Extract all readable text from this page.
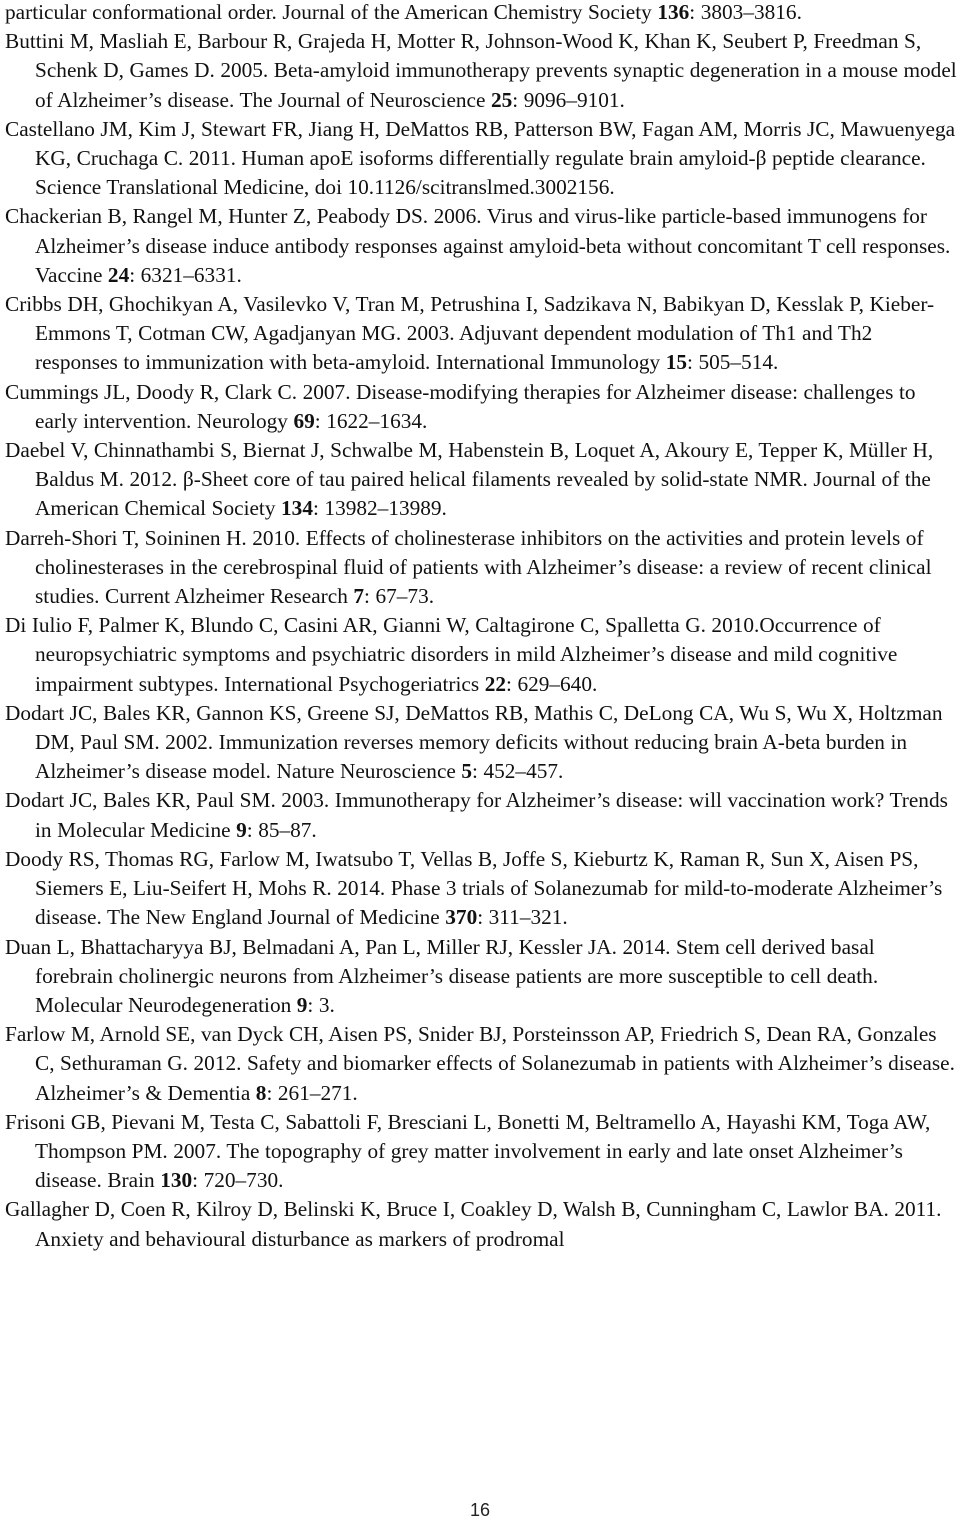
particular conformational order. Journal of the American Chemistry Society 136: 3803–3816.

Buttini M, Masliah E, Barbour R, Grajeda H, Motter R, Johnson-Wood K, Khan K, Seubert P, Freedman S, Schenk D, Games D. 2005. Beta-amyloid immunotherapy prevents synaptic degeneration in a mouse model of Alzheimer’s disease. The Journal of Neuroscience 25: 9096–9101.

Castellano JM, Kim J, Stewart FR, Jiang H, DeMattos RB, Patterson BW, Fagan AM, Morris JC, Mawuenyega KG, Cruchaga C. 2011. Human apoE isoforms differentially regulate brain amyloid-β peptide clearance. Science Translational Medicine, doi 10.1126/scitranslmed.3002156.

Chackerian B, Rangel M, Hunter Z, Peabody DS. 2006. Virus and virus-like particle-based immunogens for Alzheimer’s disease induce antibody responses against amyloid-beta without concomitant T cell responses. Vaccine 24: 6321–6331.

Cribbs DH, Ghochikyan A, Vasilevko V, Tran M, Petrushina I, Sadzikava N, Babikyan D, Kesslak P, Kieber-Emmons T, Cotman CW, Agadjanyan MG. 2003. Adjuvant dependent modulation of Th1 and Th2 responses to immunization with beta-amyloid. International Immunology 15: 505–514.

Cummings JL, Doody R, Clark C. 2007. Disease-modifying therapies for Alzheimer disease: challenges to early intervention. Neurology 69: 1622–1634.

Daebel V, Chinnathambi S, Biernat J, Schwalbe M, Habenstein B, Loquet A, Akoury E, Tepper K, Müller H, Baldus M. 2012. β-Sheet core of tau paired helical filaments revealed by solid-state NMR. Journal of the American Chemical Society 134: 13982–13989.

Darreh-Shori T, Soininen H. 2010. Effects of cholinesterase inhibitors on the activities and protein levels of cholinesterases in the cerebrospinal fluid of patients with Alzheimer’s disease: a review of recent clinical studies. Current Alzheimer Research 7: 67–73.

Di Iulio F, Palmer K, Blundo C, Casini AR, Gianni W, Caltagirone C, Spalletta G. 2010.Occurrence of neuropsychiatric symptoms and psychiatric disorders in mild Alzheimer’s disease and mild cognitive impairment subtypes. International Psychogeriatrics 22: 629–640.

Dodart JC, Bales KR, Gannon KS, Greene SJ, DeMattos RB, Mathis C, DeLong CA, Wu S, Wu X, Holtzman DM, Paul SM. 2002. Immunization reverses memory deficits without reducing brain A-beta burden in Alzheimer’s disease model. Nature Neuroscience 5: 452–457.

Dodart JC, Bales KR, Paul SM. 2003. Immunotherapy for Alzheimer’s disease: will vaccination work? Trends in Molecular Medicine 9: 85–87.

Doody RS, Thomas RG, Farlow M, Iwatsubo T, Vellas B, Joffe S, Kieburtz K, Raman R, Sun X, Aisen PS, Siemers E, Liu-Seifert H, Mohs R. 2014. Phase 3 trials of Solanezumab for mild-to-moderate Alzheimer’s disease. The New England Journal of Medicine 370: 311–321.

Duan L, Bhattacharyya BJ, Belmadani A, Pan L, Miller RJ, Kessler JA. 2014. Stem cell derived basal forebrain cholinergic neurons from Alzheimer’s disease patients are more susceptible to cell death. Molecular Neurodegeneration 9: 3.

Farlow M, Arnold SE, van Dyck CH, Aisen PS, Snider BJ, Porsteinsson AP, Friedrich S, Dean RA, Gonzales C, Sethuraman G. 2012. Safety and biomarker effects of Solanezumab in patients with Alzheimer’s disease. Alzheimer’s & Dementia 8: 261–271.

Frisoni GB, Pievani M, Testa C, Sabattoli F, Bresciani L, Bonetti M, Beltramello A, Hayashi KM, Toga AW, Thompson PM. 2007. The topography of grey matter involvement in early and late onset Alzheimer’s disease. Brain 130: 720–730.

Gallagher D, Coen R, Kilroy D, Belinski K, Bruce I, Coakley D, Walsh B, Cunningham C, Lawlor BA. 2011. Anxiety and behavioural disturbance as markers of prodromal

16
